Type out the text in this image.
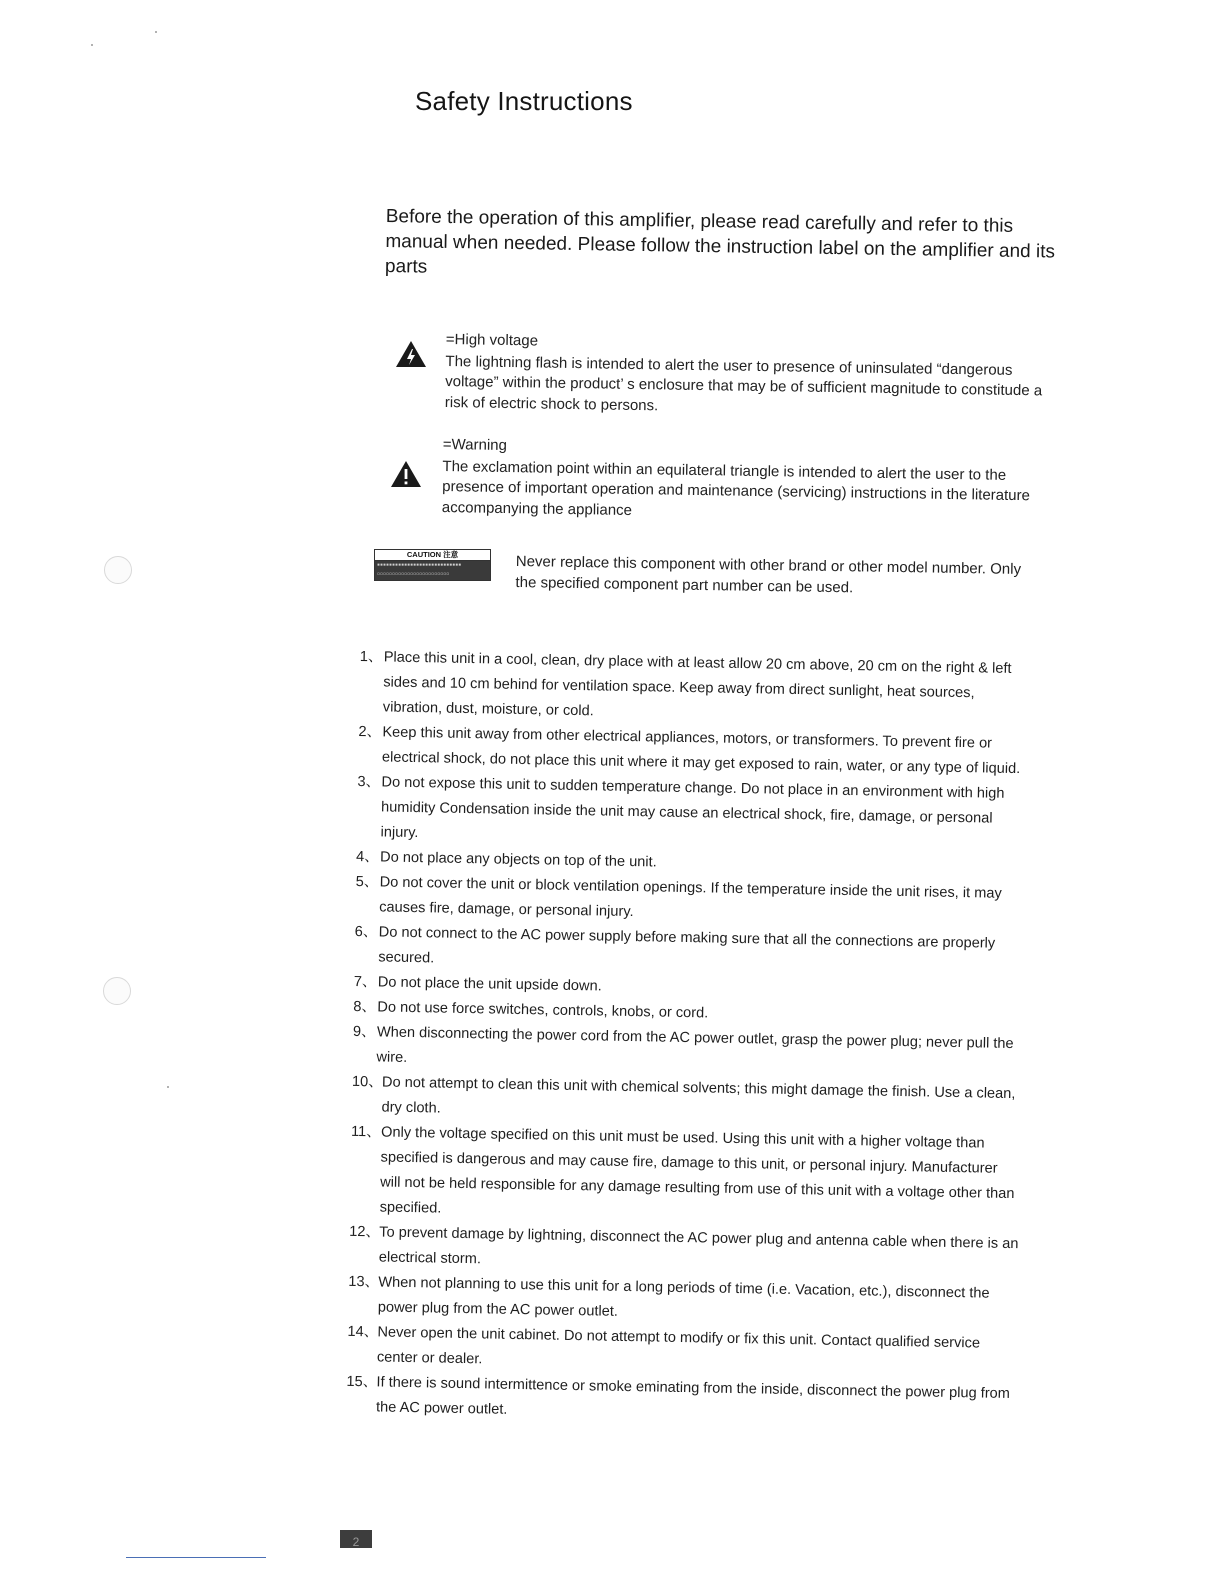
Safety Instructions

Before the operation of this amplifier, please read carefully and refer to this manual when needed. Please follow the instruction label on the amplifier and its parts

=High voltage
The lightning flash is intended to alert the user to presence of uninsulated “dangerous voltage” within the product’ s enclosure that may be of sufficient magnitude to constitude a risk of electric shock to persons.
=Warning
The exclamation point within an equilateral triangle is intended to alert the user to the presence of important operation and maintenance (servicing) instructions in the literature accompanying the appliance
CAUTION 注意
▪▪▪▪▪▪▪▪▪▪▪▪▪▪▪▪▪▪▪▪▪▪▪▪▪▪▪▪
▫▫▫▫▫▫▫▫▫▫▫▫▫▫▫▫▫▫▫▫▫▫▫▫	Never replace this component with other brand or other model number. Only the specified component part number can be used.
1、 Place this unit in a cool, clean, dry place with at least allow 20 cm above, 20 cm on the right & left sides and 10 cm behind for ventilation space. Keep away from direct sunlight, heat sources, vibration, dust, moisture, or cold.
2、 Keep this unit away from other electrical appliances, motors, or transformers. To prevent fire or electrical shock, do not place this unit where it may get exposed to rain, water, or any type of liquid.
3、 Do not expose this unit to sudden temperature change. Do not place in an environment with high humidity Condensation inside the unit may cause an electrical shock, fire, damage, or personal injury.
4、 Do not place any objects on top of the unit.
5、 Do not cover the unit or block ventilation openings. If the temperature inside the unit rises, it may causes fire, damage, or personal injury.
6、 Do not connect to the AC power supply before making sure that all the connections are properly secured.
7、 Do not place the unit upside down.
8、 Do not use force switches, controls, knobs, or cord.
9、 When disconnecting the power cord from the AC power outlet, grasp the power plug; never pull the wire.
10、
Do not attempt to clean this unit with chemical solvents; this might damage the finish. Use a clean, dry cloth.
11、 Only the voltage specified on this unit must be used. Using this unit with a higher voltage than specified is dangerous and may cause fire, damage to this unit, or personal injury. Manufacturer will not be held responsible for any damage resulting from use of this unit with a voltage other than specified.
12、
To prevent damage by lightning, disconnect the AC power plug and antenna cable when there is an electrical storm.
13、
When not planning to use this unit for a long periods of time (i.e. Vacation, etc.), disconnect the power plug from the AC power outlet.
14、
Never open the unit cabinet. Do not attempt to modify or fix this unit. Contact qualified service center or dealer.
15、
If there is sound intermittence or smoke eminating from the inside, disconnect the power plug from the AC power outlet.
2
